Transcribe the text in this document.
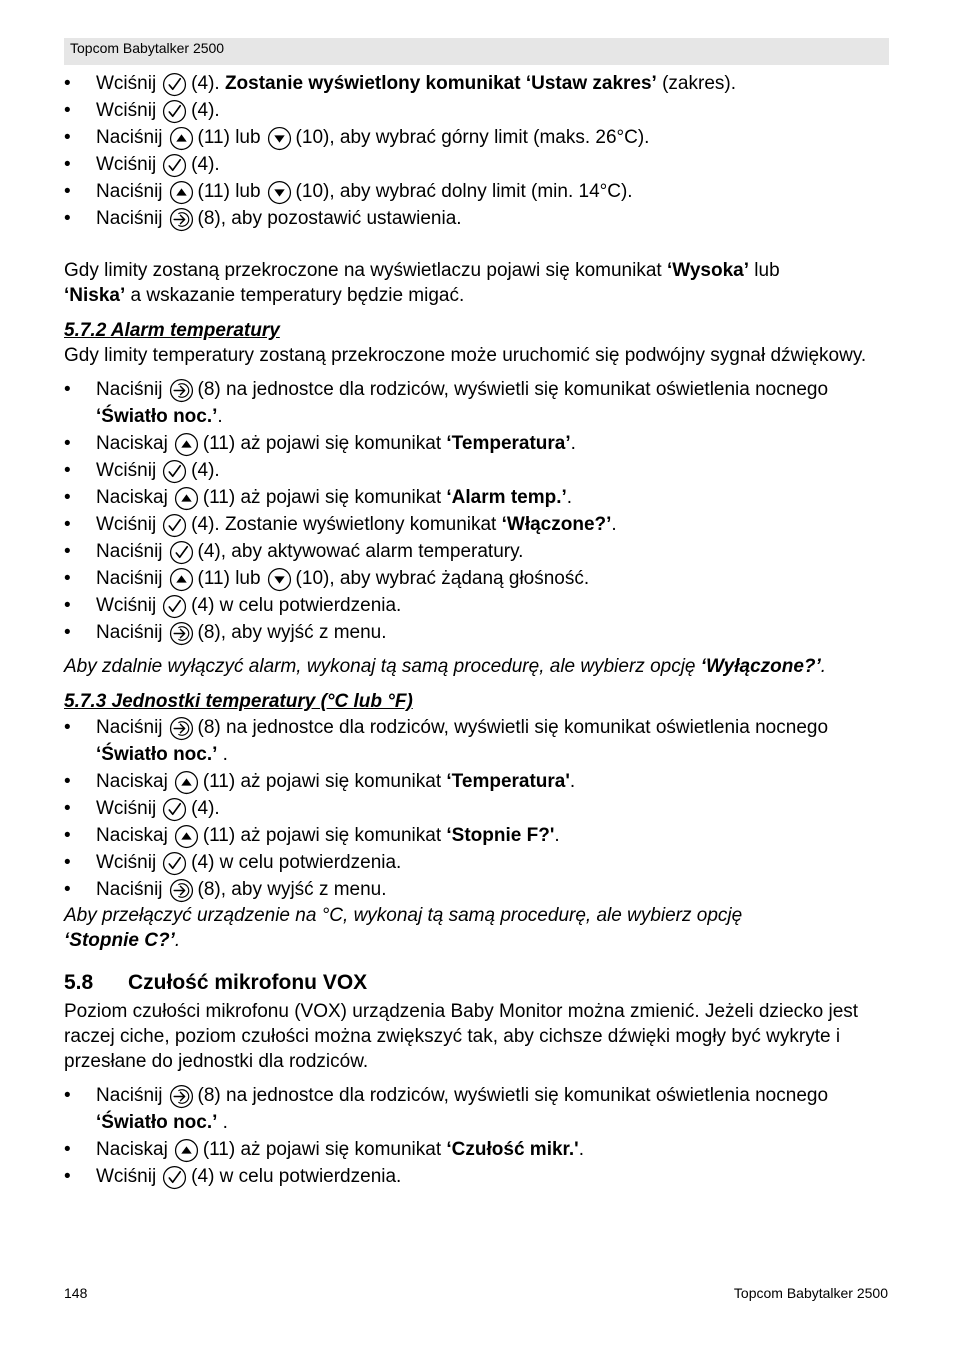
Topcom Babytalker 2500
• Wciśnij (4). Zostanie wyświetlony komunikat ‘Ustaw zakres’ (zakres).
• Wciśnij (4).
• Naciśnij (11) lub (10), aby wybrać górny limit (maks. 26°C).
• Wciśnij (4).
• Naciśnij (11) lub (10), aby wybrać dolny limit (min. 14°C).
• Naciśnij (8), aby pozostawić ustawienia.

Gdy limity zostaną przekroczone na wyświetlaczu pojawi się komunikat ‘Wysoka’ lub
‘Niska’ a wskazanie temperatury będzie migać.

5.7.2 Alarm temperatury

Gdy limity temperatury zostaną przekroczone może uruchomić się podwójny sygnał dźwiękowy.

• Naciśnij (8) na jednostce dla rodziców, wyświetli się komunikat oświetlenia nocnego ‘Światło noc.’.
• Naciskaj (11) aż pojawi się komunikat ‘Temperatura’.
• Wciśnij (4).
• Naciskaj (11) aż pojawi się komunikat ‘Alarm temp.’.
• Wciśnij (4). Zostanie wyświetlony komunikat ‘Włączone?’.
• Naciśnij (4), aby aktywować alarm temperatury.
• Naciśnij (11) lub (10), aby wybrać żądaną głośność.
• Wciśnij (4) w celu potwierdzenia.
• Naciśnij (8), aby wyjść z menu.

Aby zdalnie wyłączyć alarm, wykonaj tą samą procedurę, ale wybierz opcję ‘Wyłączone?’.

5.7.3 Jednostki temperatury (°C lub °F)

• Naciśnij (8) na jednostce dla rodziców, wyświetli się komunikat oświetlenia nocnego ‘Światło noc.’ .
• Naciskaj (11) aż pojawi się komunikat ‘Temperatura'.
• Wciśnij (4).
• Naciskaj (11) aż pojawi się komunikat ‘Stopnie F?'.
• Wciśnij (4) w celu potwierdzenia.
• Naciśnij (8), aby wyjść z menu.

Aby przełączyć urządzenie na °C, wykonaj tą samą procedurę, ale wybierz opcję
‘Stopnie C?’.

5.8 Czułość mikrofonu VOX

Poziom czułości mikrofonu (VOX) urządzenia Baby Monitor można zmienić. Jeżeli dziecko jest raczej ciche, poziom czułości można zwiększyć tak, aby cichsze dźwięki mogły być wykryte i przesłane do jednostki dla rodziców.

• Naciśnij (8) na jednostce dla rodziców, wyświetli się komunikat oświetlenia nocnego ‘Światło noc.’ .
• Naciskaj (11) aż pojawi się komunikat ‘Czułość mikr.'.
• Wciśnij (4) w celu potwierdzenia.
148	Topcom Babytalker 2500
